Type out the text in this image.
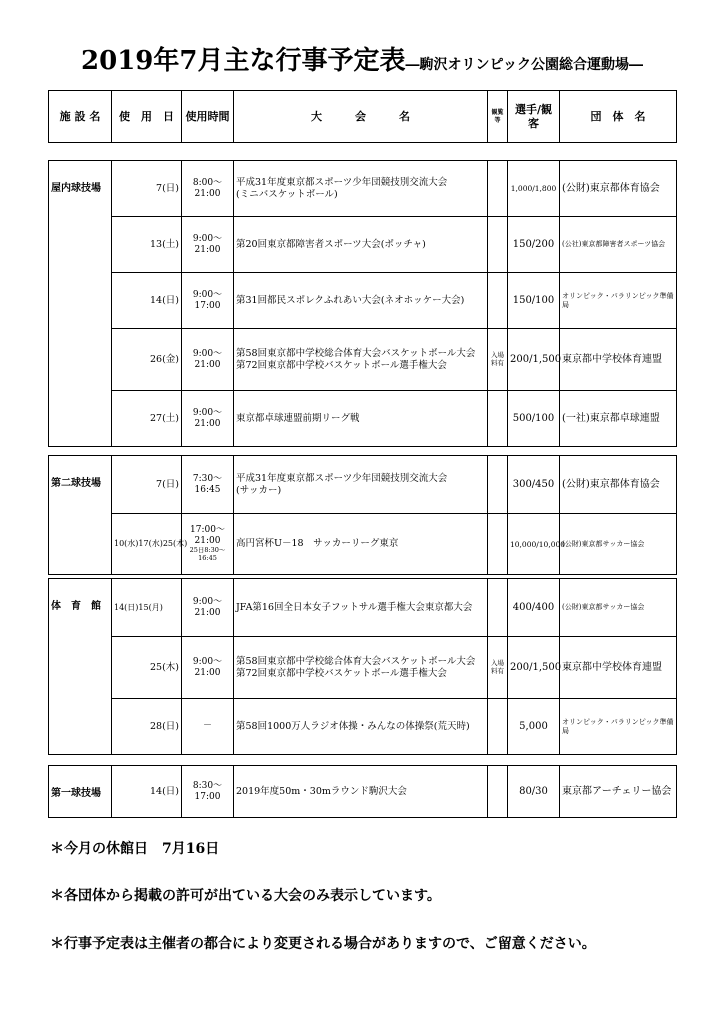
2019年7月主な行事予定表―駒沢オリンピック公園総合運動場―
施 設 名	使　用　日	使用時間	大　　　会　　　名	観覧等	選手/観客	団　体　名
屋内球技場	7(日)	8:00～21:00	平成31年度東京都スポーツ少年団競技別交流大会
(ミニバスケットボール)		1,000/1,800	(公財)東京都体育協会
	13(土)	9:00～21:00	第20回東京都障害者スポーツ大会(ボッチャ)		150/200	(公社)東京都障害者スポーツ協会
	14(日)	9:00～17:00	第31回都民スポレクふれあい大会(ネオホッケー大会)		150/100	オリンピック・パラリンピック準備局
	26(金)	9:00～21:00	第58回東京都中学校総合体育大会バスケットボール大会
第72回東京都中学校バスケットボール選手権大会	入場料有	200/1,500	東京都中学校体育連盟
	27(土)	9:00～21:00	東京都卓球連盟前期リーグ戦		500/100	(一社)東京都卓球連盟
第二球技場	7(日)	7:30～16:45	平成31年度東京都スポーツ少年団競技別交流大会
(サッカー)		300/450	(公財)東京都体育協会
	10(水)17(水)25(木)	17:00～21:00
25日8:30～16:45	高円宮杯U－18　サッカーリーグ東京		10,000/10,000	(公財)東京都サッカー協会
体　育　館	14(日)15(月)	9:00～21:00	JFA第16回全日本女子フットサル選手権大会東京都大会		400/400	(公財)東京都サッカー協会
	25(木)	9:00～21:00	第58回東京都中学校総合体育大会バスケットボール大会
第72回東京都中学校バスケットボール選手権大会	入場料有	200/1,500	東京都中学校体育連盟
	28(日)	－	第58回1000万人ラジオ体操・みんなの体操祭(荒天時)		5,000	オリンピック・パラリンピック準備局
第一球技場	14(日)	8:30～17:00	2019年度50m・30mラウンド駒沢大会		80/30	東京都アーチェリー協会
＊今月の休館日　7月16日
＊各団体から掲載の許可が出ている大会のみ表示しています。
＊行事予定表は主催者の都合により変更される場合がありますので、ご留意ください。
